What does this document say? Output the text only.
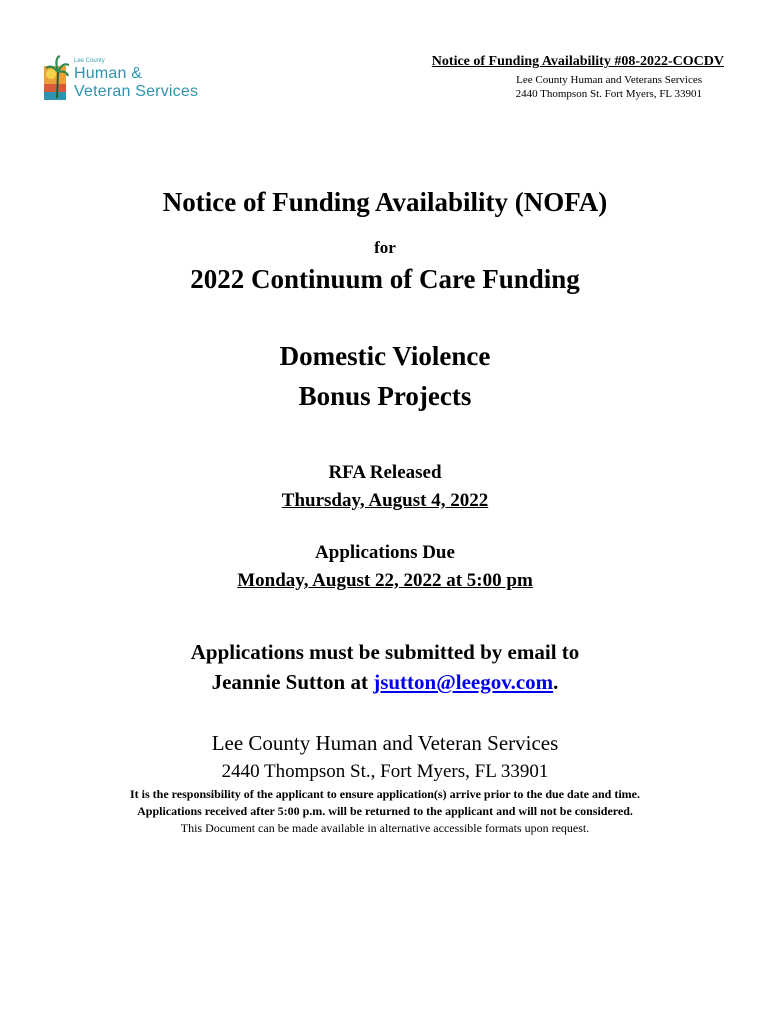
Lee County
Human &
Veteran Services
Notice of Funding Availability #08-2022-COCDV
Lee County Human and Veterans Services
2440 Thompson St. Fort Myers, FL 33901
Notice of Funding Availability (NOFA)
for
2022 Continuum of Care Funding
Domestic Violence
Bonus Projects
RFA Released
Thursday, August 4, 2022
Applications Due
Monday, August 22, 2022 at 5:00 pm
Applications must be submitted by email to
Jeannie Sutton at jsutton@leegov.com.
Lee County Human and Veteran Services
2440 Thompson St., Fort Myers, FL 33901
It is the responsibility of the applicant to ensure application(s) arrive prior to the due date and time.
Applications received after 5:00 p.m. will be returned to the applicant and will not be considered.
This Document can be made available in alternative accessible formats upon request.
